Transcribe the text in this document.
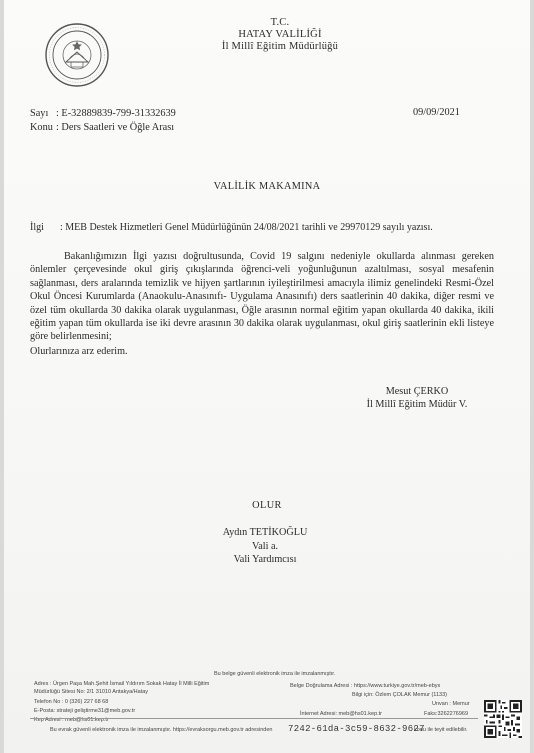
T.C.
HATAY VALİLİĞİ
İl Millî Eğitim Müdürlüğü
Sayı : E-32889839-799-31332639
Konu : Ders Saatleri ve Öğle Arası
09/09/2021
VALİLİK MAKAMINA
İlgi : MEB Destek Hizmetleri Genel Müdürlüğünün 24/08/2021 tarihli ve 29970129 sayılı yazısı.

Bakanlığımızın İlgi yazısı doğrultusunda, Covid 19 salgını nedeniyle okullarda alınması gereken önlemler çerçevesinde okul giriş çıkışlarında öğrenci-veli yoğunluğunun azaltılması, sosyal mesafenin sağlanması, ders aralarında temizlik ve hijyen şartlarının iyileştirilmesi amacıyla ilimiz genelindeki Resmi-Özel Okul Öncesi Kurumlarda (Anaokulu-Anasınıfı- Uygulama Anasınıfı) ders saatlerinin 40 dakika, diğer resmi ve özel tüm okullarda 30 dakika olarak uygulanması, Öğle arasının normal eğitim yapan okullarda 40 dakika, ikili eğitim yapan tüm okullarda ise iki devre arasının 30 dakika olarak uygulanması, okul giriş saatlerinin ekli listeye göre belirlenmesini;

Olurlarınıza arz ederim.

Mesut ÇERKO
İl Millî Eğitim Müdür V.
OLUR
Aydın TETİKOĞLU
Vali a.
Vali Yardımcısı
Bu belge güvenli elektronik imza ile imzalanmıştır.
Adres : Ürgen Paşa Mah.Şehit İsmail Yıldırım Sokak Hatay İl Milli Eğitim
Müdürlüğü Sitesi No: 2/1 31010 Antakya/Hatay
Telefon No : 0 (326) 227 68 68
E-Posta: strateji geliştirme31@meb.gov.tr
Kep Adresi : meb@hs01.kep.tr
Belge Doğrulama Adresi : https://www.turkiye.gov.tr/meb-ebys
Bilgi için: Özlem ÇOLAK Memur (1133)
Unvan : Memur
İnternet Adresi: meb@hs01.kep.tr	Faks:3262276969
Bu evrak güvenli elektronik imza ile imzalanmıştır. https://evraksorgu.meb.gov.tr adresinden 7242-61da-3c59-8632-9627
kodu ile teyit edilebilir.
